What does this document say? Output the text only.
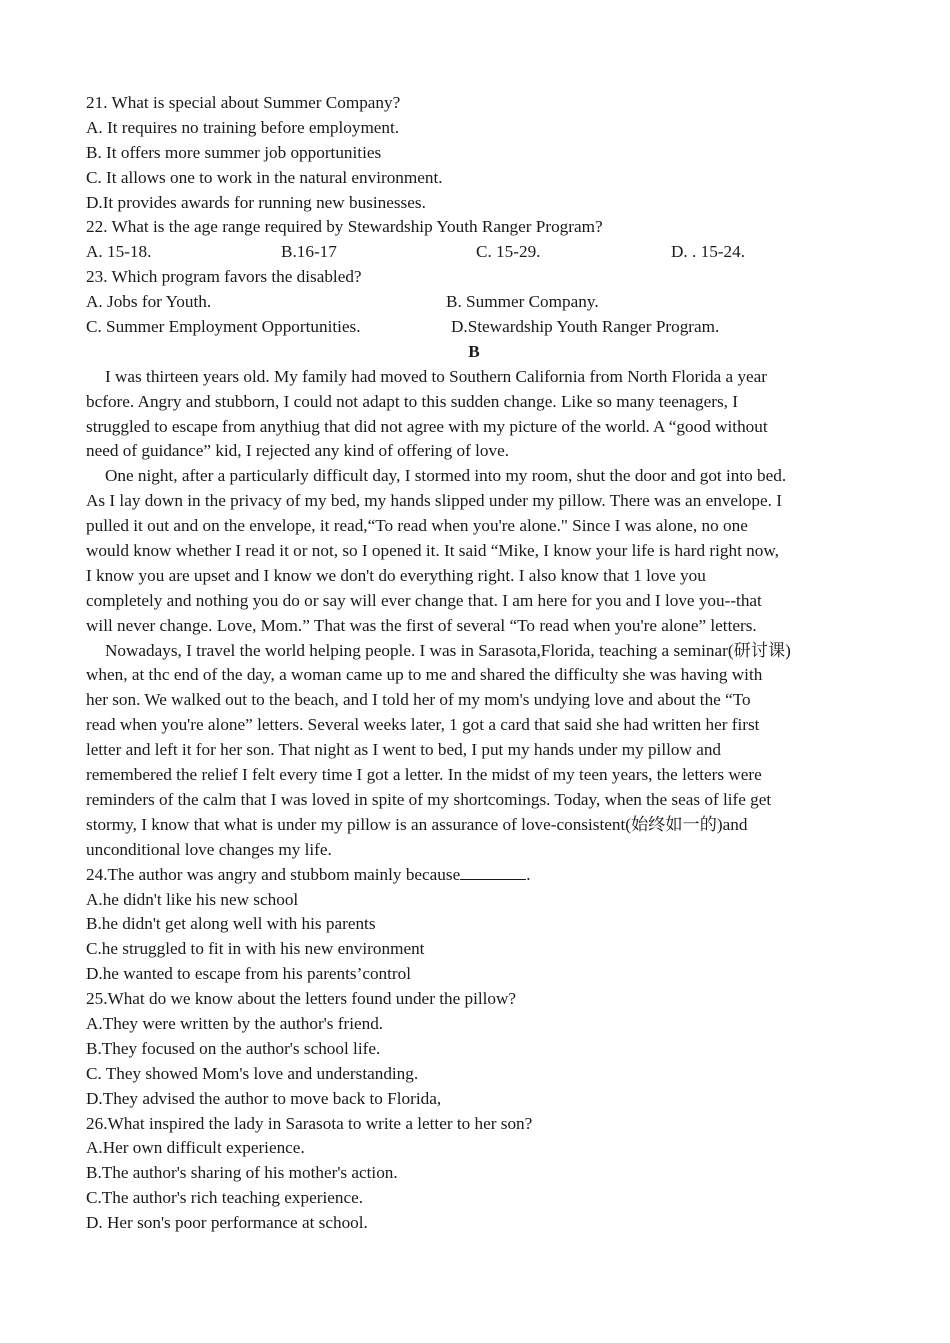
21. What is special about Summer Company?
A. It requires no training before employment.
B. It offers more summer job opportunities
C. It allows one to work in the natural environment.
D.It provides awards for running new businesses.
22. What is the age range required by Stewardship Youth Ranger Program?
A. 15-18.	B.16-17	C. 15-29.	D. . 15-24.
23. Which program favors the disabled?
A. Jobs for Youth.	B. Summer Company.
C. Summer Employment Opportunities.	D.Stewardship Youth Ranger Program.
B
I was thirteen years old. My family had moved to Southern California from North Florida a year
bcfore. Angry and stubborn, I could not adapt to this sudden change. Like so many teenagers, I
struggled to escape from anythiug that did not agree with my picture of the world. A “good without
need of guidance” kid, I rejected any kind of offering of love.
One night, after a particularly difficult day, I stormed into my room, shut the door and got into bed.
As I lay down in the privacy of my bed, my hands slipped under my pillow. There was an envelope. I
pulled it out and on the envelope, it read,“To read when you're alone." Since I was alone, no one
would know whether I read it or not, so I opened it. It said “Mike, I know your life is hard right now,
I know you are upset and I know we don't do everything right. I also know that 1 love you
completely and nothing you do or say will ever change that. I am here for you and I love you--that
will never change. Love, Mom.” That was the first of several “To read when you're alone” letters.
Nowadays, I travel the world helping people. I was in Sarasota,Florida, teaching a seminar(研讨课)
when, at thc end of the day, a woman came up to me and shared the difficulty she was having with
her son. We walked out to the beach, and I told her of my mom's undying love and about the “To
read when you're alone” letters. Several weeks later, 1 got a card that said she had written her first
letter and left it for her son. That night as I went to bed, I put my hands under my pillow and
remembered the relief I felt every time I got a letter. In the midst of my teen years, the letters were
reminders of the calm that I was loved in spite of my shortcomings. Today, when the seas of life get
stormy, I know that what is under my pillow is an assurance of love-consistent(始终如一的)and
unconditional love changes my life.
24.The author was angry and stubbom mainly because	.
A.he didn't like his new school
B.he didn't get along well with his parents
C.he struggled to fit in with his new environment
D.he wanted to escape from his parents’control
25.What do we know about the letters found under the pillow?
A.They were written by the author's friend.
B.They focused on the author's school life.
C. They showed Mom's love and understanding.
D.They advised the author to move back to Florida,
26.What inspired the lady in Sarasota to write a letter to her son?
A.Her own difficult experience.
B.The author's sharing of his mother's action.
C.The author's rich teaching experience.
D. Her son's poor performance at school.
